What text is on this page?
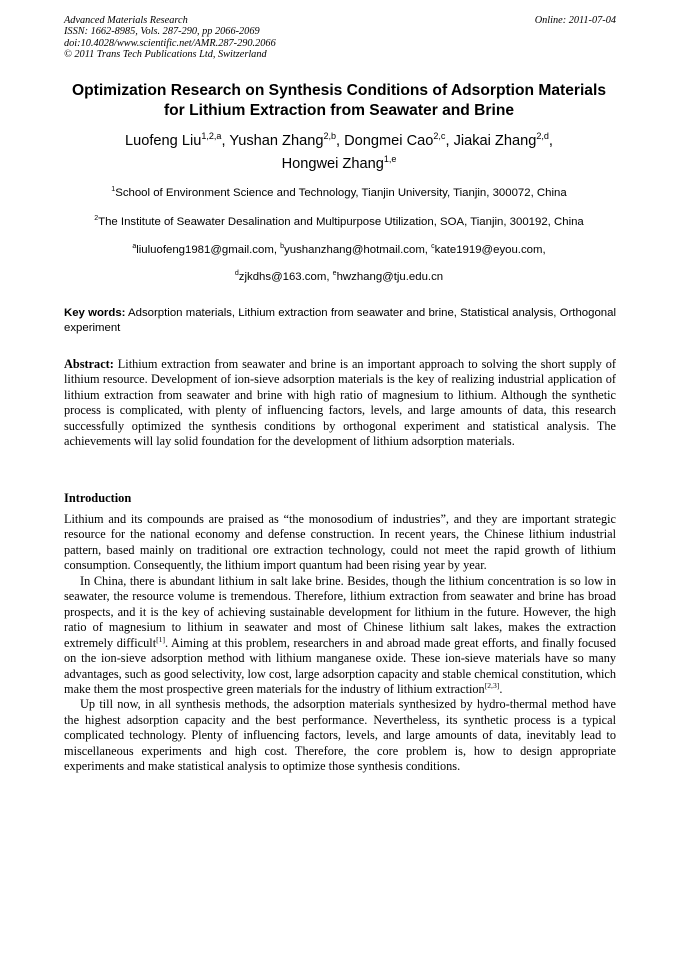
Advanced Materials Research
ISSN: 1662-8985, Vols. 287-290, pp 2066-2069
doi:10.4028/www.scientific.net/AMR.287-290.2066
© 2011 Trans Tech Publications Ltd, Switzerland
Online: 2011-07-04
Optimization Research on Synthesis Conditions of Adsorption Materials
for Lithium Extraction from Seawater and Brine
Luofeng Liu$^{1,2,a}$, Yushan Zhang$^{2,b}$, Dongmei Cao$^{2,c}$, Jiakai Zhang$^{2,d}$,
Hongwei Zhang$^{1,e}$
$^1$School of Environment Science and Technology, Tianjin University, Tianjin, 300072, China
$^2$The Institute of Seawater Desalination and Multipurpose Utilization, SOA, Tianjin, 300192, China
$^a$liuluofeng1981@gmail.com, $^b$yushanzhang@hotmail.com, $^c$kate1919@eyou.com,
$^d$zjkdhs@163.com, $^e$hwzhang@tju.edu.cn
Key words: Adsorption materials, Lithium extraction from seawater and brine, Statistical analysis, Orthogonal experiment
Abstract: Lithium extraction from seawater and brine is an important approach to solving the short supply of lithium resource. Development of ion-sieve adsorption materials is the key of realizing industrial application of lithium extraction from seawater and brine with high ratio of magnesium to lithium. Although the synthetic process is complicated, with plenty of influencing factors, levels, and large amounts of data, this research successfully optimized the synthesis conditions by orthogonal experiment and statistical analysis. The achievements will lay solid foundation for the development of lithium adsorption materials.
Introduction

Lithium and its compounds are praised as “the monosodium of industries”, and they are important strategic resource for the national economy and defense construction. In recent years, the Chinese lithium industrial pattern, based mainly on traditional ore extraction technology, could not meet the rapid growth of lithium consumption. Consequently, the lithium import quantum had been rising year by year.

In China, there is abundant lithium in salt lake brine. Besides, though the lithium concentration is so low in seawater, the resource volume is tremendous. Therefore, lithium extraction from seawater and brine has broad prospects, and it is the key of achieving sustainable development for lithium in the future. However, the high ratio of magnesium to lithium in seawater and most of Chinese lithium salt lakes, makes the extraction extremely difficult[1]. Aiming at this problem, researchers in and abroad made great efforts, and finally focused on the ion-sieve adsorption method with lithium manganese oxide. These ion-sieve materials have so many advantages, such as good selectivity, low cost, large adsorption capacity and stable chemical constitution, which make them the most prospective green materials for the industry of lithium extraction[2,3].

Up till now, in all synthesis methods, the adsorption materials synthesized by hydro-thermal method have the highest adsorption capacity and the best performance. Nevertheless, its synthetic process is a typical complicated technology. Plenty of influencing factors, levels, and large amounts of data, inevitably lead to miscellaneous experiments and high cost. Therefore, the core problem is, how to design appropriate experiments and make statistical analysis to optimize those synthesis conditions.
